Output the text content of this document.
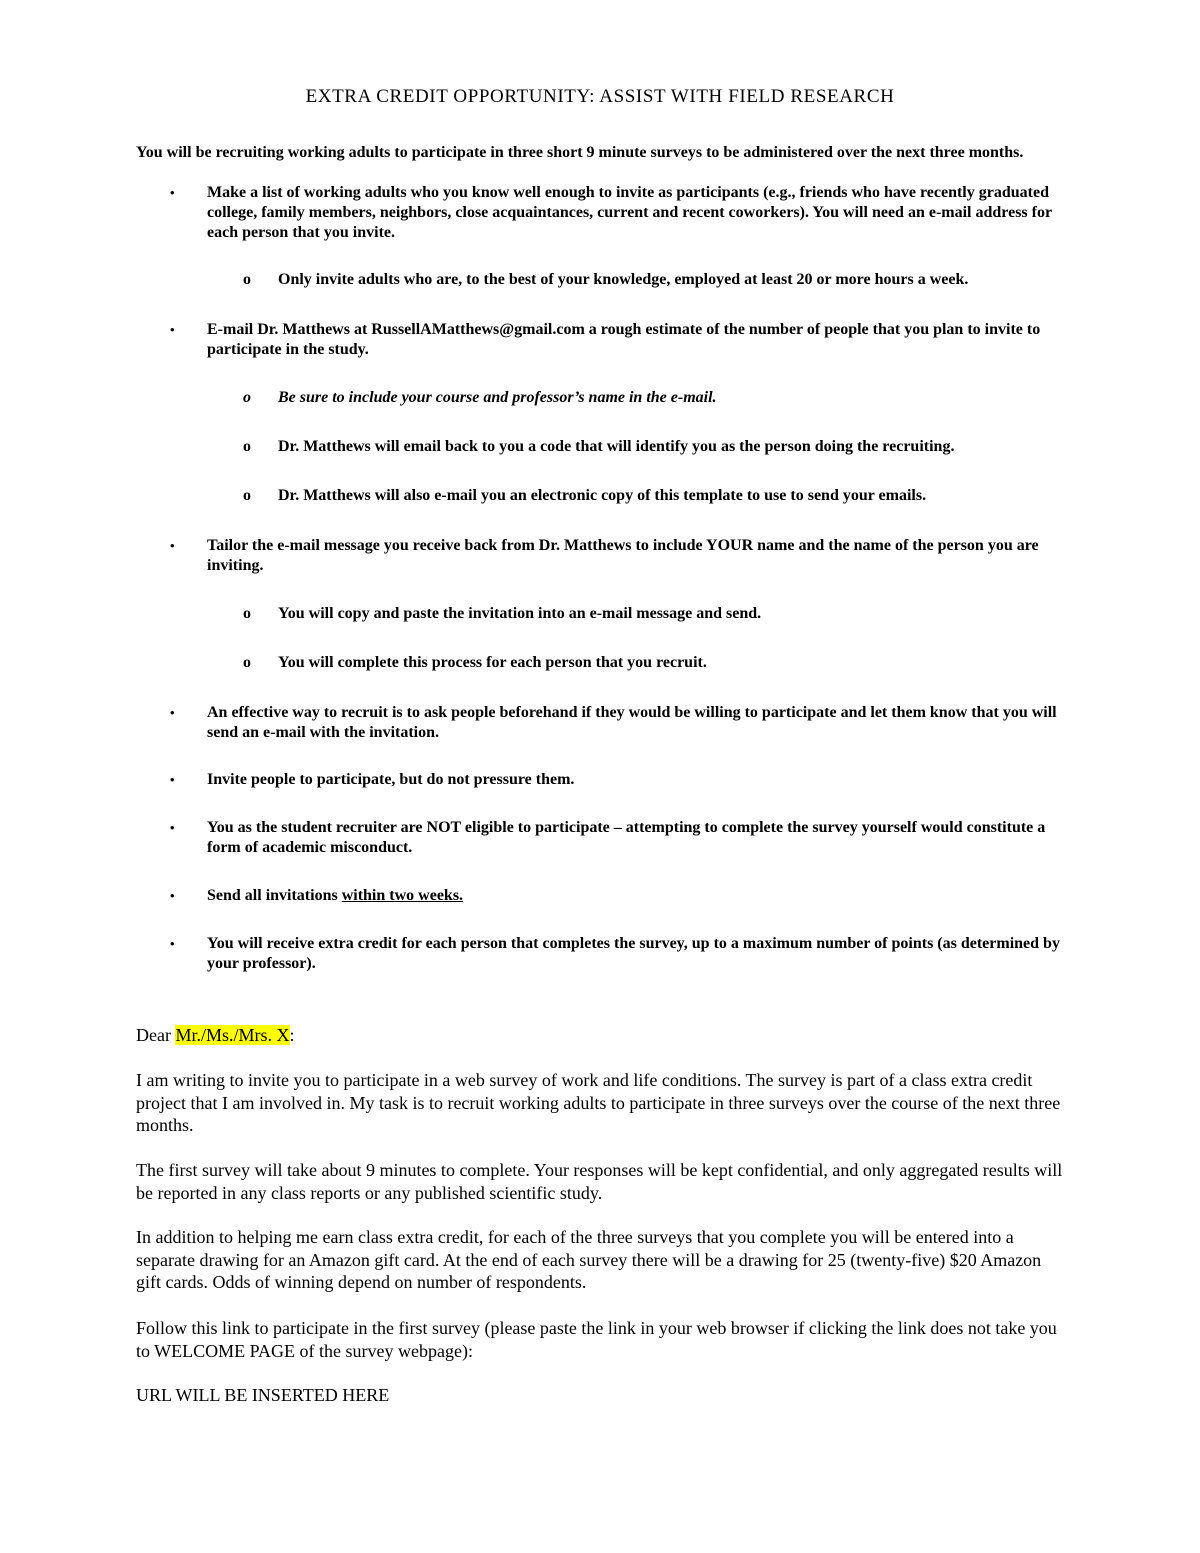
EXTRA CREDIT OPPORTUNITY: ASSIST WITH FIELD RESEARCH
You will be recruiting working adults to participate in three short 9 minute surveys to be administered over the next three months.
• Make a list of working adults who you know well enough to invite as participants (e.g., friends who have recently graduated college, family members, neighbors, close acquaintances, current and recent coworkers). You will need an e-mail address for each person that you invite.
o Only invite adults who are, to the best of your knowledge, employed at least 20 or more hours a week.
• E-mail Dr. Matthews at RussellAMatthews@gmail.com a rough estimate of the number of people that you plan to invite to participate in the study.
o Be sure to include your course and professor’s name in the e-mail.
o Dr. Matthews will email back to you a code that will identify you as the person doing the recruiting.
o Dr. Matthews will also e-mail you an electronic copy of this template to use to send your emails.
• Tailor the e-mail message you receive back from Dr. Matthews to include YOUR name and the name of the person you are inviting.
o You will copy and paste the invitation into an e-mail message and send.
o You will complete this process for each person that you recruit.
• An effective way to recruit is to ask people beforehand if they would be willing to participate and let them know that you will send an e-mail with the invitation.
• Invite people to participate, but do not pressure them.
• You as the student recruiter are NOT eligible to participate – attempting to complete the survey yourself would constitute a form of academic misconduct.
• Send all invitations within two weeks.
• You will receive extra credit for each person that completes the survey, up to a maximum number of points (as determined by your professor).
Dear Mr./Ms./Mrs. X:
I am writing to invite you to participate in a web survey of work and life conditions. The survey is part of a class extra credit project that I am involved in. My task is to recruit working adults to participate in three surveys over the course of the next three months.
The first survey will take about 9 minutes to complete. Your responses will be kept confidential, and only aggregated results will be reported in any class reports or any published scientific study.
In addition to helping me earn class extra credit, for each of the three surveys that you complete you will be entered into a separate drawing for an Amazon gift card. At the end of each survey there will be a drawing for 25 (twenty-five) $20 Amazon gift cards. Odds of winning depend on number of respondents.
Follow this link to participate in the first survey (please paste the link in your web browser if clicking the link does not take you to WELCOME PAGE of the survey webpage):
URL WILL BE INSERTED HERE
